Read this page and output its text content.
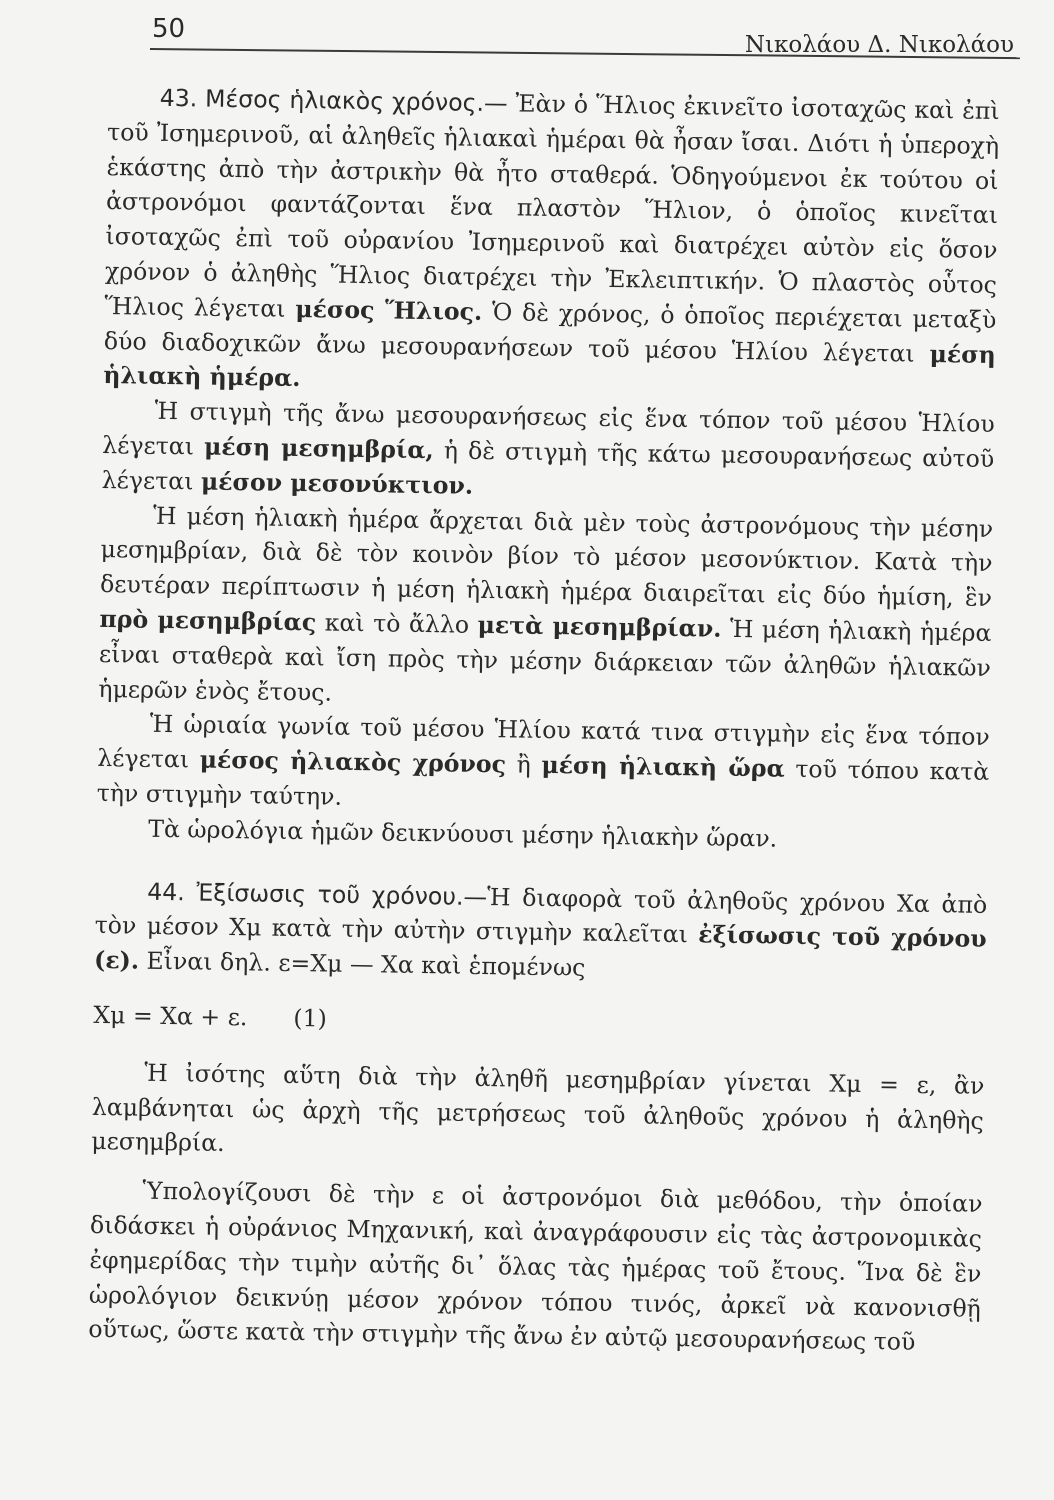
50
Νικολάου Δ. Νικολάου

43. Μέσος ἡλιακὸς χρόνος.— Ἐὰν ὁ Ἥλιος ἐκινεῖτο ἰσοταχῶς καὶ ἐπὶ τοῦ Ἰσημερινοῦ, αἱ ἀληθεῖς ἡλιακαὶ ἡμέραι θὰ ἦσαν ἴσαι. Διότι ἡ ὑπεροχὴ ἑκάστης ἀπὸ τὴν ἀστρικὴν θὰ ἦτο σταθερά. Ὁδηγούμενοι ἐκ τούτου οἱ ἀστρονόμοι φαντάζονται ἕνα πλαστὸν Ἥλιον, ὁ ὁποῖος κινεῖται ἰσοταχῶς ἐπὶ τοῦ οὐρανίου Ἰσημερινοῦ καὶ διατρέχει αὐτὸν εἰς ὅσον χρόνον ὁ ἀληθὴς Ἥλιος διατρέχει τὴν Ἐκλειπτικήν. Ὁ πλαστὸς οὗτος Ἥλιος λέγεται μέσος Ἥλιος. Ὁ δὲ χρόνος, ὁ ὁποῖος περιέχεται μεταξὺ δύο διαδοχικῶν ἄνω μεσουρανήσεων τοῦ μέσου Ἡλίου λέγεται μέση ἡλιακὴ ἡμέρα.

Ἡ στιγμὴ τῆς ἄνω μεσουρανήσεως εἰς ἕνα τόπον τοῦ μέσου Ἡλίου λέγεται μέση μεσημβρία, ἡ δὲ στιγμὴ τῆς κάτω μεσουρανήσεως αὐτοῦ λέγεται μέσον μεσονύκτιον.

Ἡ μέση ἡλιακὴ ἡμέρα ἄρχεται διὰ μὲν τοὺς ἀστρονόμους τὴν μέσην μεσημβρίαν, διὰ δὲ τὸν κοινὸν βίον τὸ μέσον μεσονύκτιον. Κατὰ τὴν δευτέραν περίπτωσιν ἡ μέση ἡλιακὴ ἡμέρα διαιρεῖται εἰς δύο ἡμίση, ἓν πρὸ μεσημβρίας καὶ τὸ ἄλλο μετὰ μεσημβρίαν. Ἡ μέση ἡλιακὴ ἡμέρα εἶναι σταθερὰ καὶ ἴση πρὸς τὴν μέσην διάρκειαν τῶν ἀληθῶν ἡλιακῶν ἡμερῶν ἑνὸς ἔτους.

Ἡ ὡριαία γωνία τοῦ μέσου Ἡλίου κατά τινα στιγμὴν εἰς ἕνα τόπον λέγεται μέσος ἡλιακὸς χρόνος ἢ μέση ἡλιακὴ ὥρα τοῦ τόπου κατὰ τὴν στιγμὴν ταύτην.

Τὰ ὡρολόγια ἡμῶν δεικνύουσι μέσην ἡλιακὴν ὥραν.

44. Ἐξίσωσις τοῦ χρόνου.—Ἡ διαφορὰ τοῦ ἀληθοῦς χρόνου Χα ἀπὸ τὸν μέσον Χμ κατὰ τὴν αὐτὴν στιγμὴν καλεῖται ἐξίσωσις τοῦ χρόνου (ε). Εἶναι δηλ. ε=Χμ — Χα καὶ ἑπομένως

Χμ = Χα + ε. (1)

Ἡ ἰσότης αὕτη διὰ τὴν ἀληθῆ μεσημβρίαν γίνεται Χμ = ε, ἂν λαμβάνηται ὡς ἀρχὴ τῆς μετρήσεως τοῦ ἀληθοῦς χρόνου ἡ ἀληθὴς μεσημβρία.

Ὑπολογίζουσι δὲ τὴν ε οἱ ἀστρονόμοι διὰ μεθόδου, τὴν ὁποίαν διδάσκει ἡ οὐράνιος Μηχανική, καὶ ἀναγράφουσιν εἰς τὰς ἀστρονομικὰς ἐφημερίδας τὴν τιμὴν αὐτῆς δι᾽ ὅλας τὰς ἡμέρας τοῦ ἔτους. Ἵνα δὲ ἓν ὡρολόγιον δεικνύῃ μέσον χρόνον τόπου τινός, ἀρκεῖ νὰ κανονισθῇ οὕτως, ὥστε κατὰ τὴν στιγμὴν τῆς ἄνω ἐν αὐτῷ μεσουρανήσεως τοῦ
